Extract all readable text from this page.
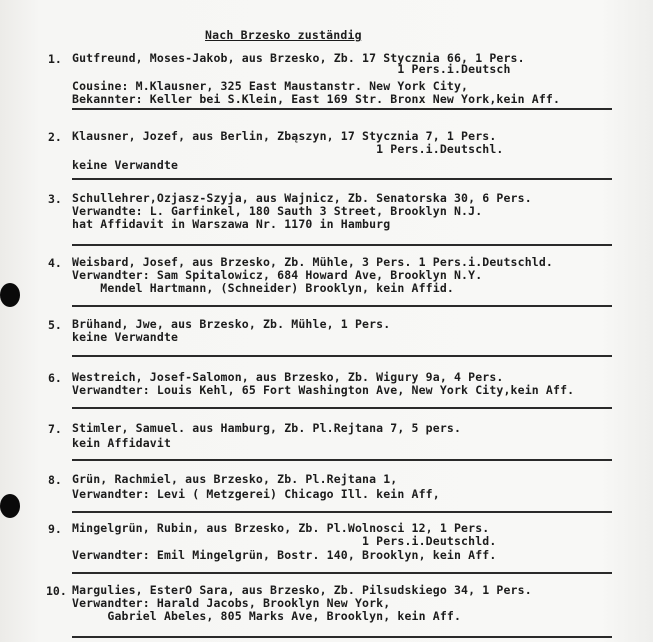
Nach Brzesko zuständig
1. Gutfreund, Moses-Jakob, aus Brzesko, Zb. 17 Stycznia 66, 1 Pers.
1 Pers.i.Deutsch
Cousine: M.Klausner, 325 East Maustanstr. New York City,
Bekannter: Keller bei S.Klein, East 169 Str. Bronx New York,kein Aff.
2. Klausner, Jozef, aus Berlin, Zbąszyn, 17 Stycznia 7, 1 Pers.
1 Pers.i.Deutschl.
keine Verwandte
3. Schullehrer,Ozjasz-Szyja, aus Wajnicz, Zb. Senatorska 30, 6 Pers.
Verwandte: L. Garfinkel, 180 Sauth 3 Street, Brooklyn N.J.
hat Affidavit in Warszawa Nr. 1170 in Hamburg
4. Weisbard, Josef, aus Brzesko, Zb. Mühle, 3 Pers. 1 Pers.i.Deutschld.
Verwandter: Sam Spitalowicz, 684 Howard Ave, Brooklyn N.Y.
Mendel Hartmann, (Schneider) Brooklyn, kein Affid.
5. Brühand, Jwe, aus Brzesko, Zb. Mühle, 1 Pers.
keine Verwandte
6. Westreich, Josef-Salomon, aus Brzesko, Zb. Wigury 9a, 4 Pers.
Verwandter: Louis Kehl, 65 Fort Washington Ave, New York City,kein Aff.
7. Stimler, Samuel. aus Hamburg, Zb. Pl.Rejtana 7, 5 pers.
kein Affidavit
8. Grün, Rachmiel, aus Brzesko, Zb. Pl.Rejtana 1,
Verwandter: Levi ( Metzgerei) Chicago Ill. kein Aff,
9. Mingelgrün, Rubin, aus Brzesko, Zb. Pl.Wolnosci 12, 1 Pers.
1 Pers.i.Deutschld.
Verwandter: Emil Mingelgrün, Bostr. 140, Brooklyn, kein Aff.
10. Margulies, EsterO Sara, aus Brzesko, Zb. Pilsudskiego 34, 1 Pers.
Verwandter: Harald Jacobs, Brooklyn New York,
Gabriel Abeles, 805 Marks Ave, Brooklyn, kein Aff.
